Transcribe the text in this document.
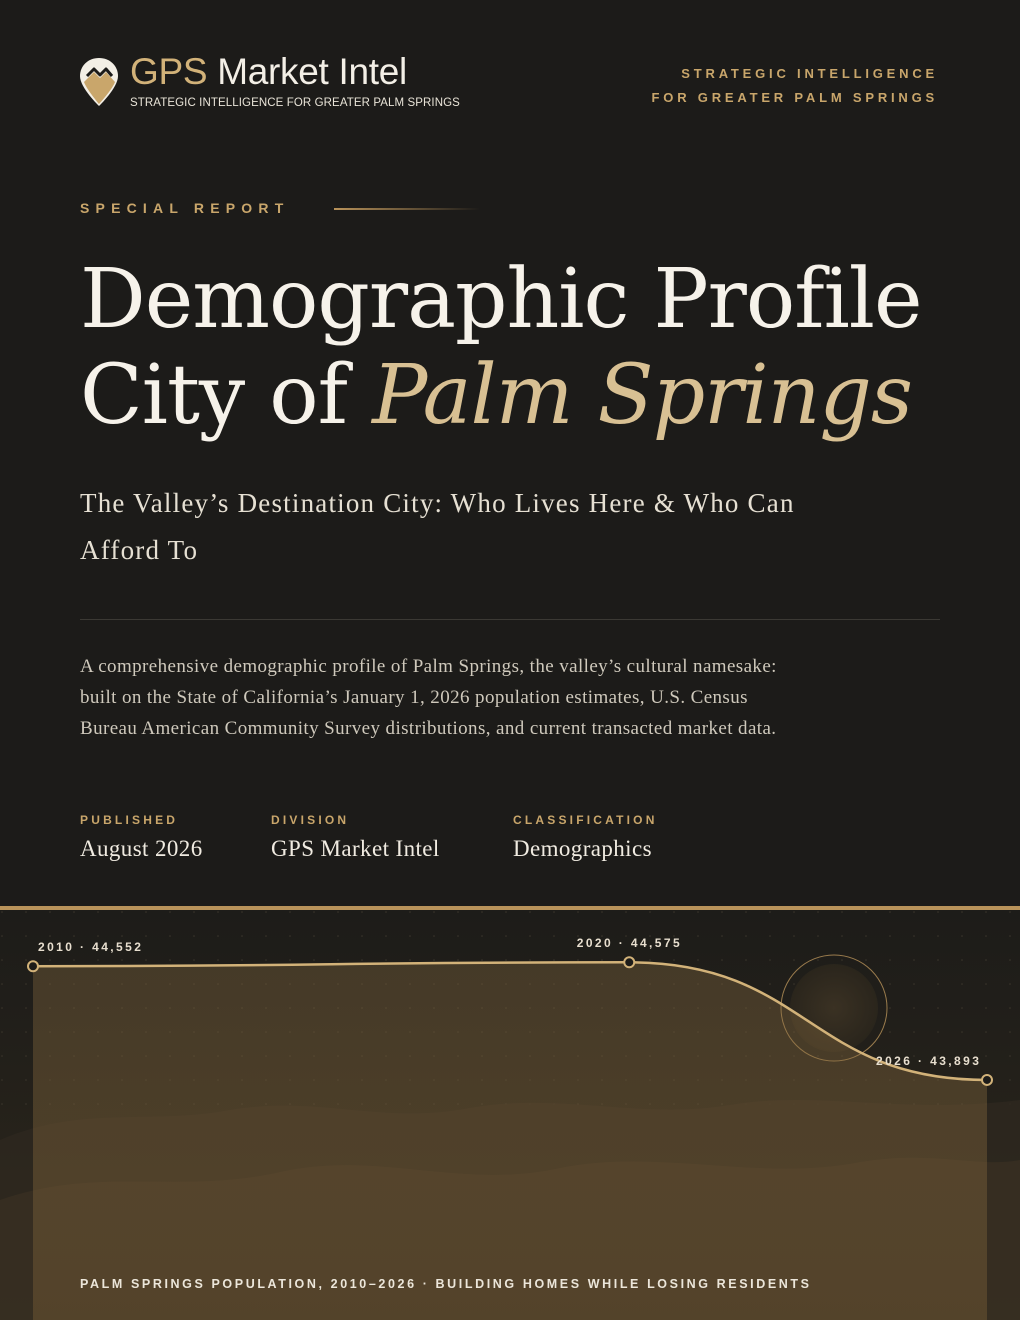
GPS Market Intel
STRATEGIC INTELLIGENCE FOR GREATER PALM SPRINGS
STRATEGIC INTELLIGENCE
FOR GREATER PALM SPRINGS
SPECIAL REPORT
Demographic Profile
City of Palm Springs
The Valley’s Destination City: Who Lives Here & Who Can Afford To
A comprehensive demographic profile of Palm Springs, the valley’s cultural namesake: built on the State of California’s January 1, 2026 population estimates, U.S. Census Bureau American Community Survey distributions, and current transacted market data.
PUBLISHED
August 2026
DIVISION
GPS Market Intel
CLASSIFICATION
Demographics
2010 · 44,552	2020 · 44,575
2026 · 43,893
PALM SPRINGS POPULATION, 2010–2026 · BUILDING HOMES WHILE LOSING RESIDENTS
